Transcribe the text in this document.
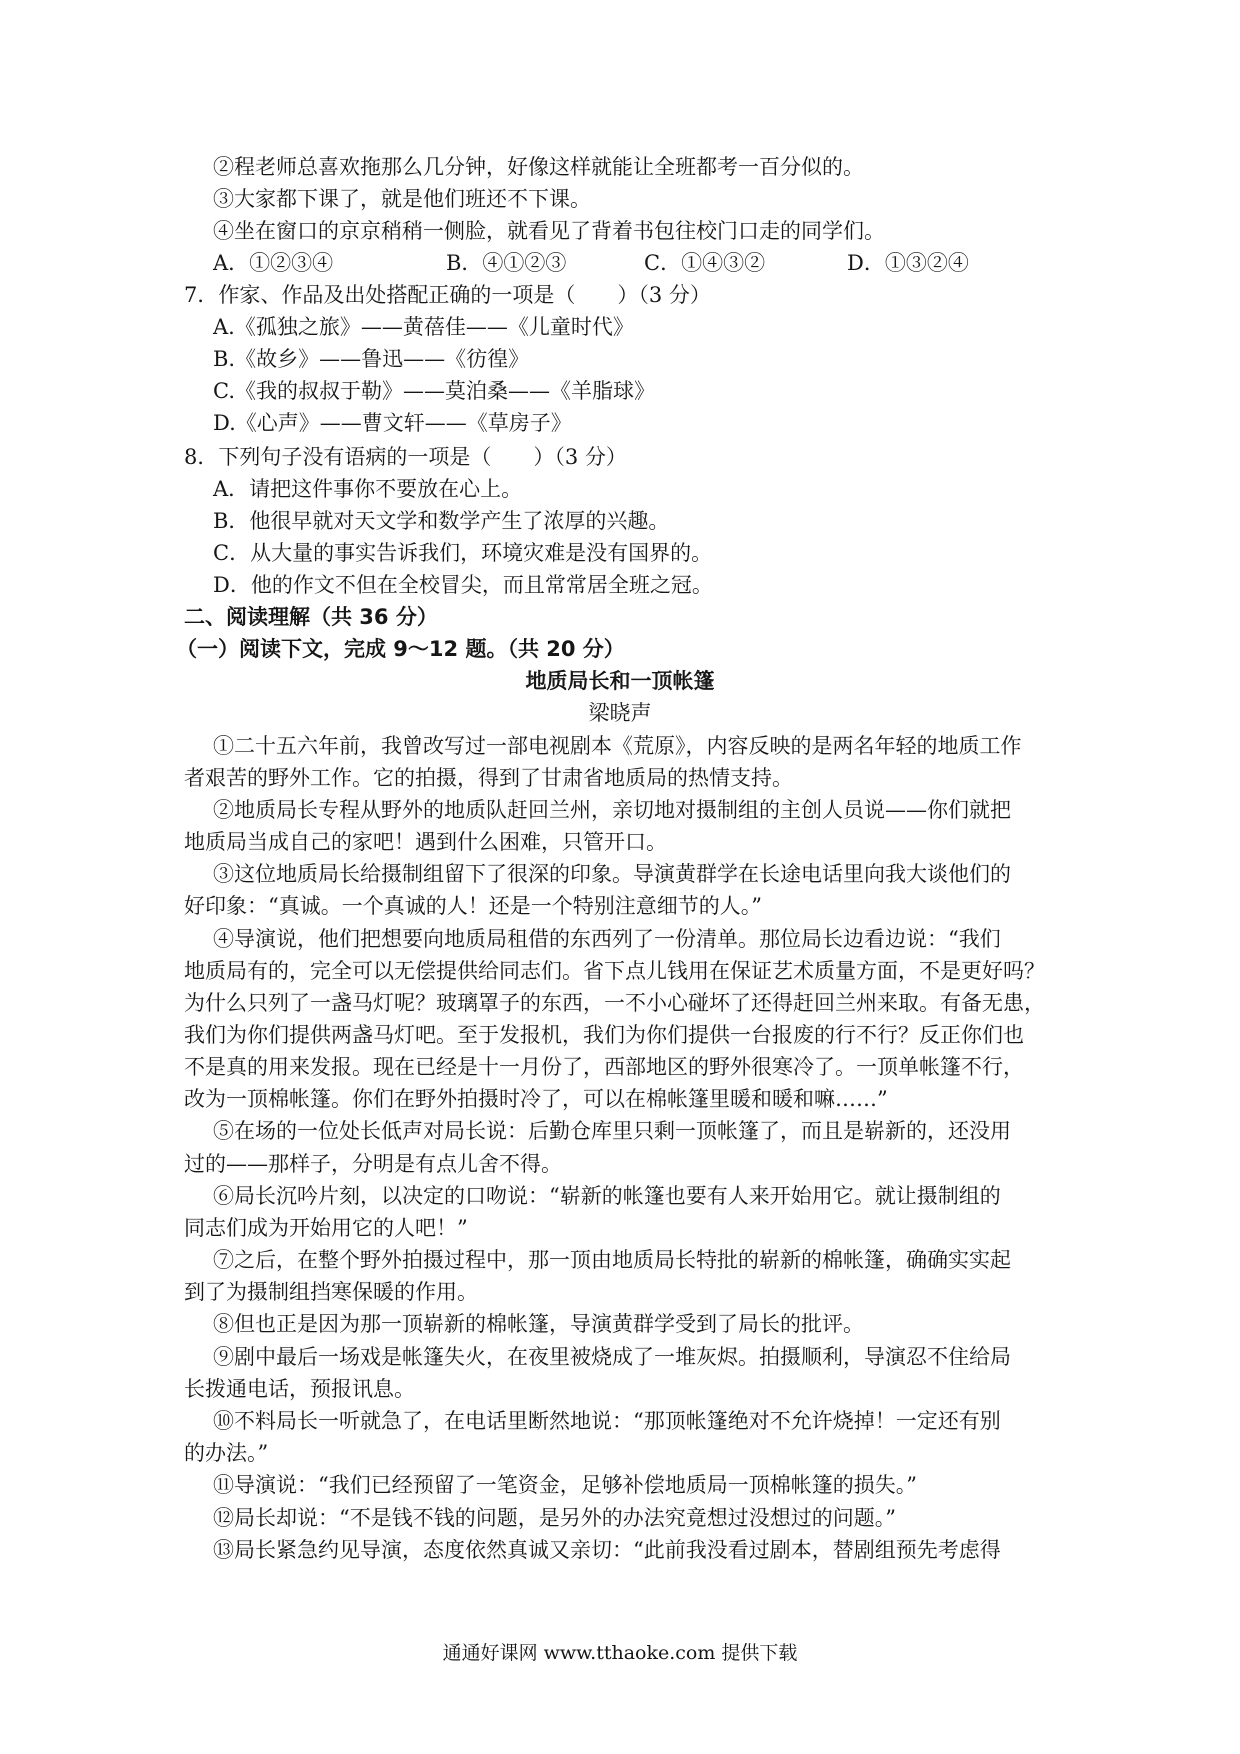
②程老师总喜欢拖那么几分钟，好像这样就能让全班都考一百分似的。
③大家都下课了，就是他们班还不下课。
④坐在窗口的京京稍稍一侧脸，就看见了背着书包往校门口走的同学们。
A．①②③④	B．④①②③	C．①④③②	D．①③②④
7．作家、作品及出处搭配正确的一项是（　　）（3 分）
A.《孤独之旅》——黄蓓佳——《儿童时代》
B.《故乡》——鲁迅——《彷徨》
C.《我的叔叔于勒》——莫泊桑——《羊脂球》
D.《心声》——曹文轩——《草房子》
8．下列句子没有语病的一项是（　　）（3 分）
A．请把这件事你不要放在心上。
B．他很早就对天文学和数学产生了浓厚的兴趣。
C．从大量的事实告诉我们，环境灾难是没有国界的。
D．他的作文不但在全校冒尖，而且常常居全班之冠。
二、阅读理解（共 36 分）
（一）阅读下文，完成 9～12 题。（共 20 分）
地质局长和一顶帐篷
梁晓声
①二十五六年前，我曾改写过一部电视剧本《荒原》，内容反映的是两名年轻的地质工作
者艰苦的野外工作。它的拍摄，得到了甘肃省地质局的热情支持。
②地质局长专程从野外的地质队赶回兰州，亲切地对摄制组的主创人员说——你们就把
地质局当成自己的家吧！遇到什么困难，只管开口。
③这位地质局长给摄制组留下了很深的印象。导演黄群学在长途电话里向我大谈他们的
好印象：“真诚。一个真诚的人！还是一个特别注意细节的人。”
④导演说，他们把想要向地质局租借的东西列了一份清单。那位局长边看边说：“我们
地质局有的，完全可以无偿提供给同志们。省下点儿钱用在保证艺术质量方面，不是更好吗？
为什么只列了一盏马灯呢？玻璃罩子的东西，一不小心碰坏了还得赶回兰州来取。有备无患，
我们为你们提供两盏马灯吧。至于发报机，我们为你们提供一台报废的行不行？反正你们也
不是真的用来发报。现在已经是十一月份了，西部地区的野外很寒冷了。一顶单帐篷不行，
改为一顶棉帐篷。你们在野外拍摄时冷了，可以在棉帐篷里暖和暖和嘛……”
⑤在场的一位处长低声对局长说：后勤仓库里只剩一顶帐篷了，而且是崭新的，还没用
过的——那样子，分明是有点儿舍不得。
⑥局长沉吟片刻，以决定的口吻说：“崭新的帐篷也要有人来开始用它。就让摄制组的
同志们成为开始用它的人吧！”
⑦之后，在整个野外拍摄过程中，那一顶由地质局长特批的崭新的棉帐篷，确确实实起
到了为摄制组挡寒保暖的作用。
⑧但也正是因为那一顶崭新的棉帐篷，导演黄群学受到了局长的批评。
⑨剧中最后一场戏是帐篷失火，在夜里被烧成了一堆灰烬。拍摄顺利，导演忍不住给局
长拨通电话，预报讯息。
⑩不料局长一听就急了，在电话里断然地说：“那顶帐篷绝对不允许烧掉！一定还有别
的办法。”
⑪导演说：“我们已经预留了一笔资金，足够补偿地质局一顶棉帐篷的损失。”
⑫局长却说：“不是钱不钱的问题，是另外的办法究竟想过没想过的问题。”
⑬局长紧急约见导演，态度依然真诚又亲切：“此前我没看过剧本，替剧组预先考虑得
通通好课网 www.tthaoke.com 提供下载
